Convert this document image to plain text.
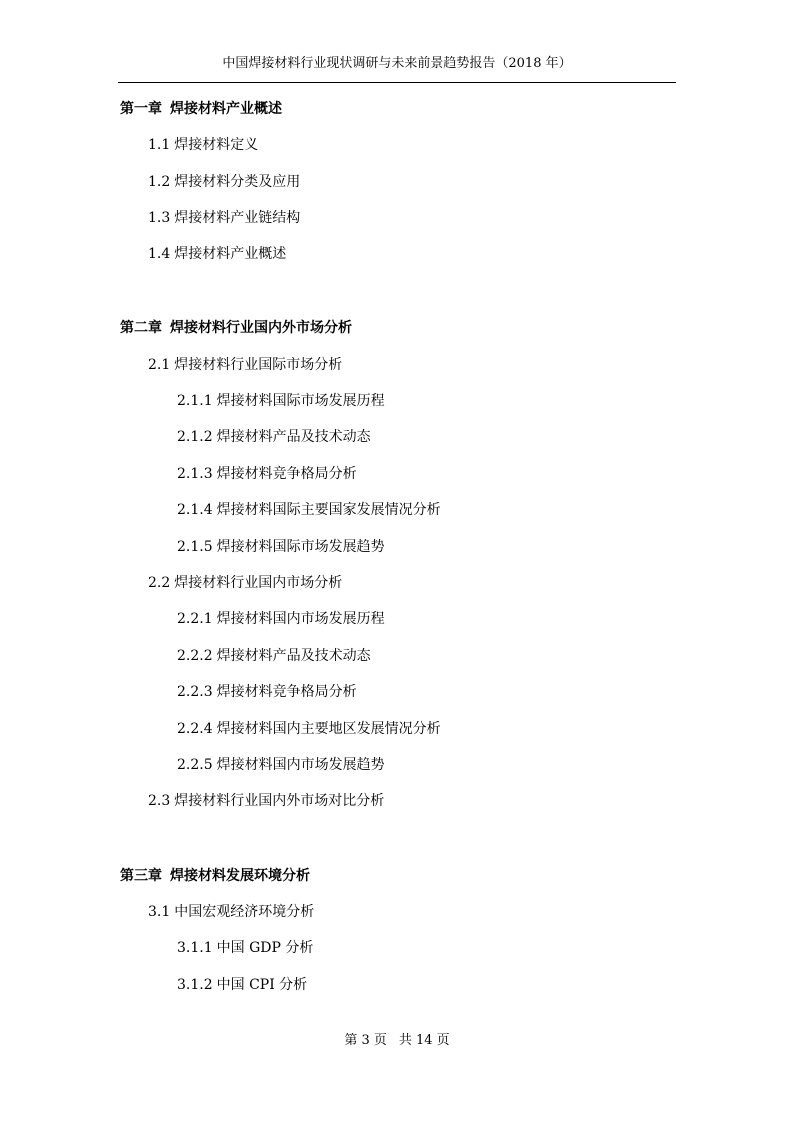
中国焊接材料行业现状调研与未来前景趋势报告（2018 年）
第一章 焊接材料产业概述
1.1 焊接材料定义
1.2 焊接材料分类及应用
1.3 焊接材料产业链结构
1.4 焊接材料产业概述
第二章 焊接材料行业国内外市场分析
2.1 焊接材料行业国际市场分析
2.1.1 焊接材料国际市场发展历程
2.1.2 焊接材料产品及技术动态
2.1.3 焊接材料竞争格局分析
2.1.4 焊接材料国际主要国家发展情况分析
2.1.5 焊接材料国际市场发展趋势
2.2 焊接材料行业国内市场分析
2.2.1 焊接材料国内市场发展历程
2.2.2 焊接材料产品及技术动态
2.2.3 焊接材料竞争格局分析
2.2.4 焊接材料国内主要地区发展情况分析
2.2.5 焊接材料国内市场发展趋势
2.3 焊接材料行业国内外市场对比分析
第三章 焊接材料发展环境分析
3.1 中国宏观经济环境分析
3.1.1 中国 GDP 分析
3.1.2 中国 CPI 分析
第 3 页 共 14 页
